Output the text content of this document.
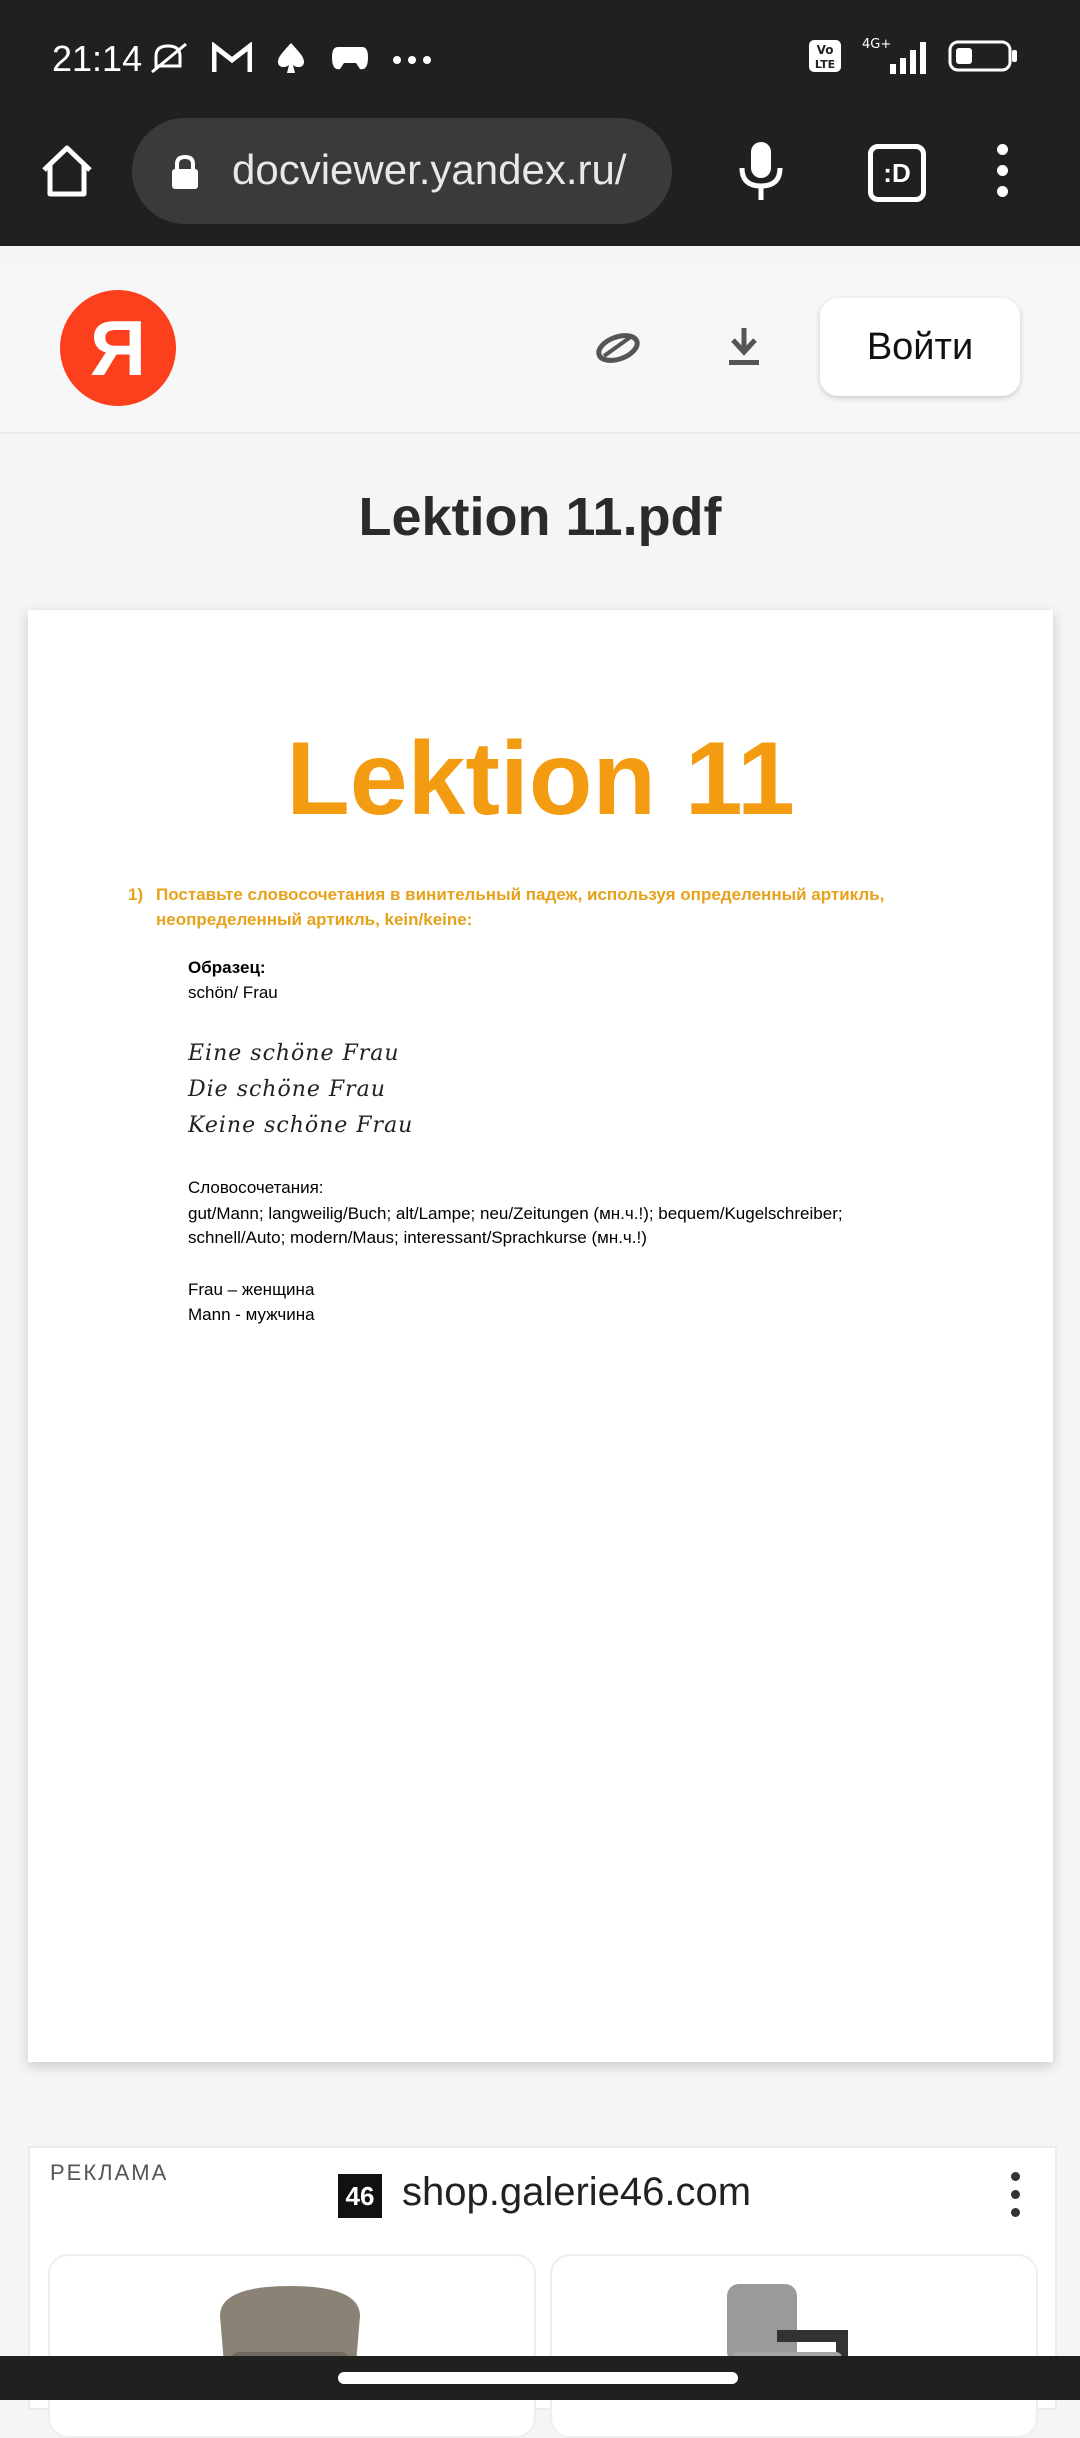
21:14	Vo
LTE
4G+
docviewer.yandex.ru/	:D
Я	Войти
Lektion 11.pdf
Lektion 11
1) Поставьте словосочетания в винительный падеж, используя определенный артикль, неопределенный артикль, kein/keine:
Образец:
schön/ Frau
Eine schöne Frau
Die schöne Frau
Keine schöne Frau
Словосочетания:
gut/Mann; langweilig/Buch; alt/Lampe; neu/Zeitungen (мн.ч.!); bequem/Kugelschreiber;
schnell/Auto; modern/Maus; interessant/Sprachkurse (мн.ч.!)
Frau – женщина
Mann - мужчина
РЕКЛАМА
46 shop.galerie46.com
